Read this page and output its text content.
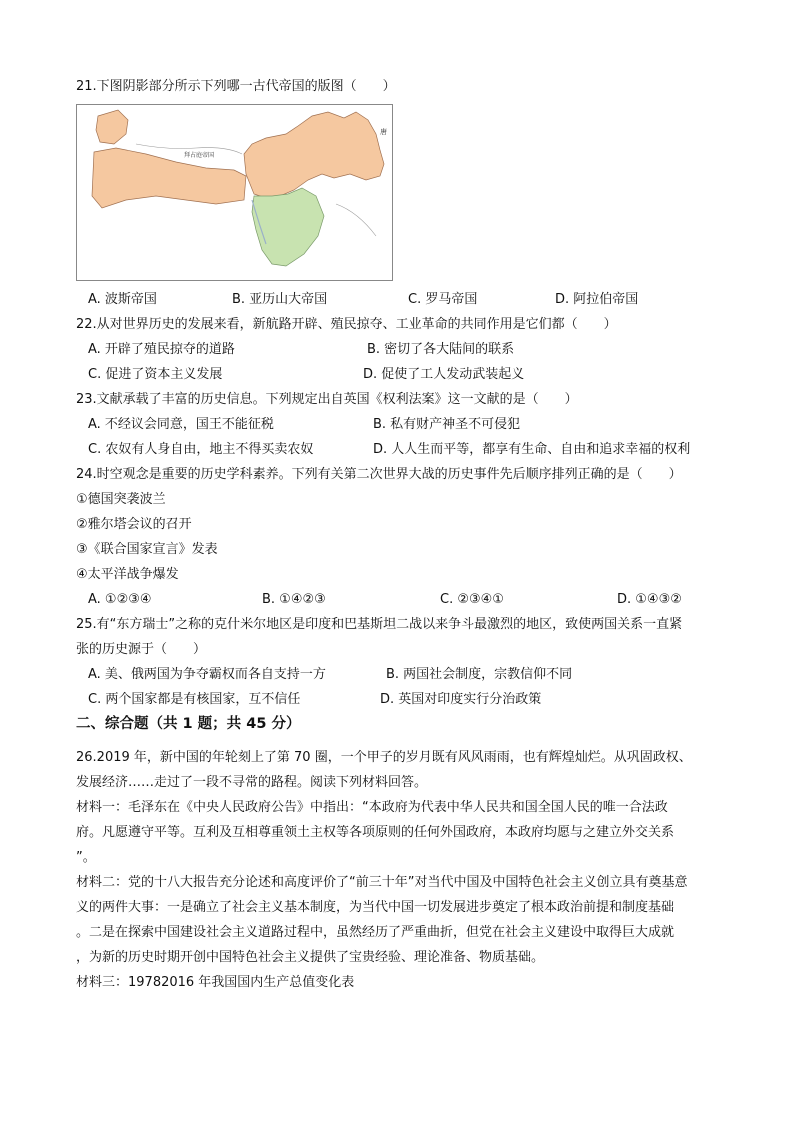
21.下图阴影部分所示下列哪一古代帝国的版图（　　）
拜占庭帝国
唐
A. 波斯帝国	B. 亚历山大帝国	C. 罗马帝国	D. 阿拉伯帝国
22.从对世界历史的发展来看，新航路开辟、殖民掠夺、工业革命的共同作用是它们都（　　）
A. 开辟了殖民掠夺的道路	B. 密切了各大陆间的联系
C. 促进了资本主义发展	D. 促使了工人发动武装起义
23.文献承载了丰富的历史信息。下列规定出自英国《权利法案》这一文献的是（　　）
A. 不经议会同意，国王不能征税	B. 私有财产神圣不可侵犯
C. 农奴有人身自由，地主不得买卖农奴	D. 人人生而平等，都享有生命、自由和追求幸福的权利
24.时空观念是重要的历史学科素养。下列有关第二次世界大战的历史事件先后顺序排列正确的是（　　）
①德国突袭波兰
②雅尔塔会议的召开
③《联合国家宣言》发表
④太平洋战争爆发
A. ①②③④	B. ①④②③	C. ②③④①	D. ①④③②
25.有“东方瑞士”之称的克什米尔地区是印度和巴基斯坦二战以来争斗最激烈的地区，致使两国关系一直紧
张的历史源于（　　）
A. 美、俄两国为争夺霸权而各自支持一方	B. 两国社会制度，宗教信仰不同
C. 两个国家都是有核国家，互不信任	D. 英国对印度实行分治政策
二、综合题（共 1 题；共 45 分）
26.2019 年，新中国的年轮刻上了第 70 圈，一个甲子的岁月既有风风雨雨，也有辉煌灿烂。从巩固政权、
发展经济……走过了一段不寻常的路程。阅读下列材料回答。
材料一：毛泽东在《中央人民政府公告》中指出：“本政府为代表中华人民共和国全国人民的唯一合法政
府。凡愿遵守平等。互利及互相尊重领土主权等各项原则的任何外国政府，本政府均愿与之建立外交关系
”。
材料二：党的十八大报告充分论述和高度评价了“前三十年”对当代中国及中国特色社会主义创立具有奠基意
义的两件大事：一是确立了社会主义基本制度，为当代中国一切发展进步奠定了根本政治前提和制度基础
。二是在探索中国建设社会主义道路过程中，虽然经历了严重曲折，但党在社会主义建设中取得巨大成就
，为新的历史时期开创中国特色社会主义提供了宝贵经验、理论准备、物质基础。
材料三：19782016 年我国国内生产总值变化表
